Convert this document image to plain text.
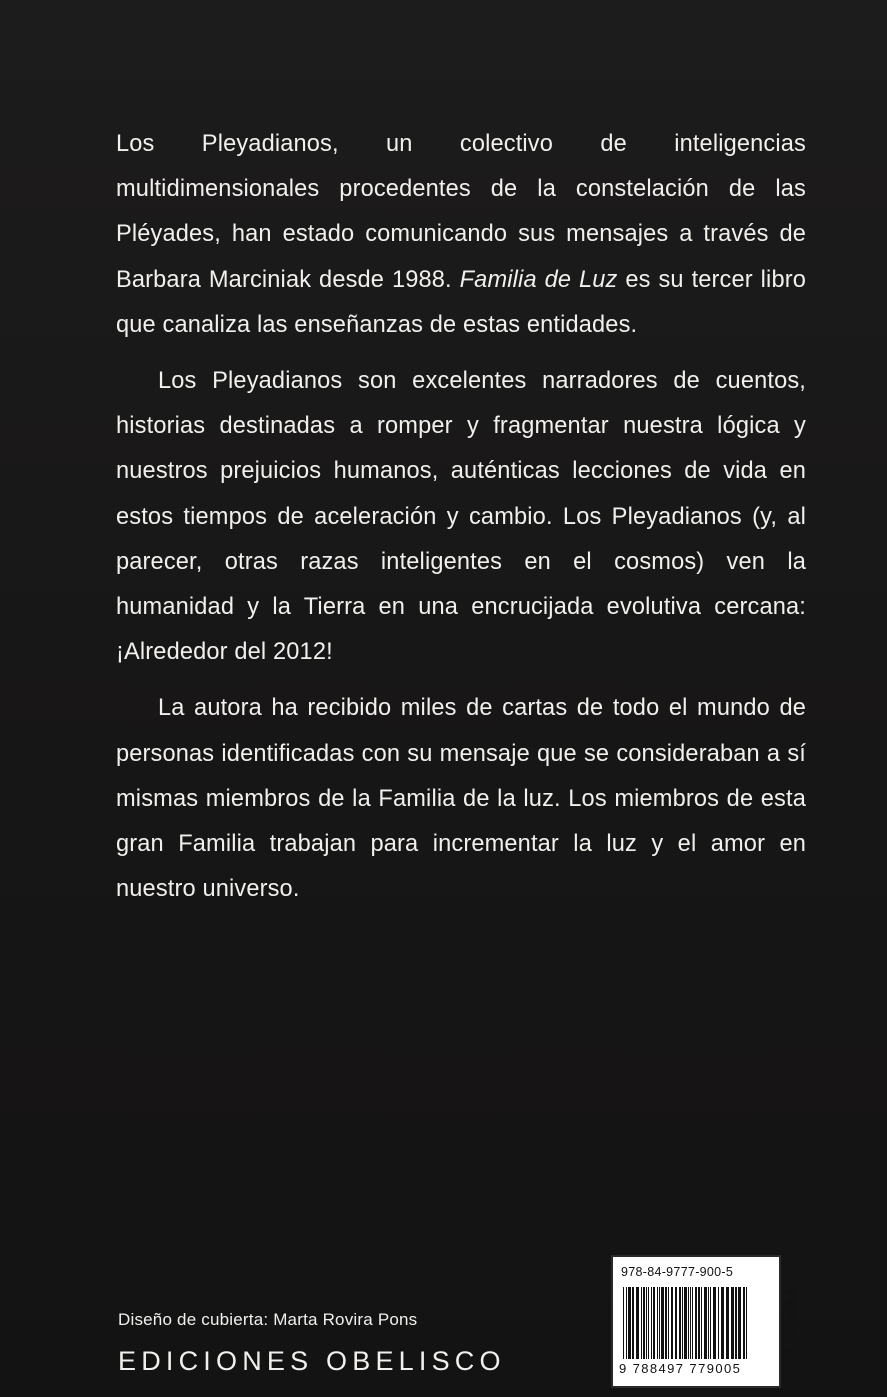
Los Pleyadianos, un colectivo de inteligencias multidimensionales procedentes de la constelación de las Pléyades, han estado comunicando sus mensajes a través de Barbara Marciniak desde 1988. Familia de Luz es su tercer libro que canaliza las enseñanzas de estas entidades.

Los Pleyadianos son excelentes narradores de cuentos, historias destinadas a romper y fragmentar nuestra lógica y nuestros prejuicios humanos, auténticas lecciones de vida en estos tiempos de aceleración y cambio. Los Pleyadianos (y, al parecer, otras razas inteligentes en el cosmos) ven la humanidad y la Tierra en una encrucijada evolutiva cercana: ¡Alrededor del 2012!

La autora ha recibido miles de cartas de todo el mundo de personas identificadas con su mensaje que se consideraban a sí mismas miembros de la Familia de la luz. Los miembros de esta gran Familia trabajan para incrementar la luz y el amor en nuestro universo.

Diseño de cubierta: Marta Rovira Pons
EDICIONES OBELISCO
978-84-9777-900-5
9 788497 779005
PVP 13 €
